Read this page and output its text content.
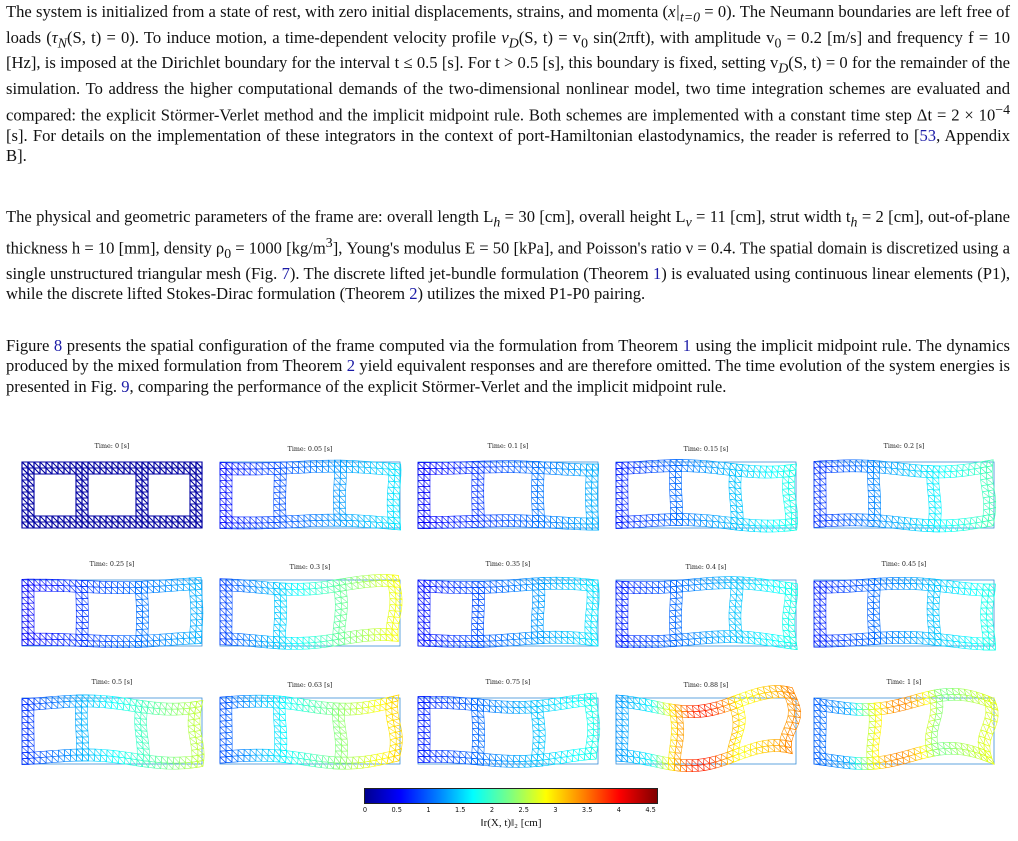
The system is initialized from a state of rest, with zero initial displacements, strains, and momenta $(x|_{t=0} = 0)$. The Neumann boundaries are left free of loads ($\tau_N(S$, t) = 0). To induce motion, a time-dependent velocity profile $v_D(S$, $t) = v_0$ sin(2πft), with amplitude $v_0 = 0.2$ [m/s] and frequency f = 10 [Hz], is imposed at the Dirichlet boundary for the interval t ≤ 0.5 [s]. For t > 0.5 [s], this boundary is fixed, setting $v_D(S$, t) = 0 for the remainder of the simulation. To address the higher computational demands of the two-dimensional nonlinear model, two time integration schemes are evaluated and compared: the explicit Störmer-Verlet method and the implicit midpoint rule. Both schemes are implemented with a constant time step $\Delta t = 2 \times 10^{-4}$ [s]. For details on the implementation of these integrators in the context of port-Hamiltonian elastodynamics, the reader is referred to [53, Appendix B].

The physical and geometric parameters of the frame are: overall length $L_h = 30$ [cm], overall height $L_v = 11$ [cm], strut width $t_h = 2$ [cm], out-of-plane thickness h = 10 [mm], density $\rho_0 = 1000$ $[kg/m^3]$, Young's modulus E = 50 [kPa], and Poisson's ratio ν = 0.4. The spatial domain is discretized using a single unstructured triangular mesh (Fig. 7). The discrete lifted jet-bundle formulation (Theorem 1) is evaluated using continuous linear elements (P1), while the discrete lifted Stokes-Dirac formulation (Theorem 2) utilizes the mixed P1-P0 pairing.

Figure 8 presents the spatial configuration of the frame computed via the formulation from Theorem 1 using the implicit midpoint rule. The dynamics produced by the mixed formulation from Theorem 2 yield equivalent responses and are therefore omitted. The time evolution of the system energies is presented in Fig. 9, comparing the performance of the explicit Störmer-Verlet and the implicit midpoint rule.

0	0.5	1	1.5	2	2.5	3	3.5	4	4.5
‖r(X, t)‖₂ [cm]
Time: 0 [s]	Time: 0.05 [s]	Time: 0.1 [s]	Time: 0.15 [s]	Time: 0.2 [s]
Time: 0.25 [s]	Time: 0.3 [s]	Time: 0.35 [s]	Time: 0.4 [s]	Time: 0.45 [s]
Time: 0.5 [s]	Time: 0.63 [s]	Time: 0.75 [s]	Time: 0.88 [s]	Time: 1 [s]
